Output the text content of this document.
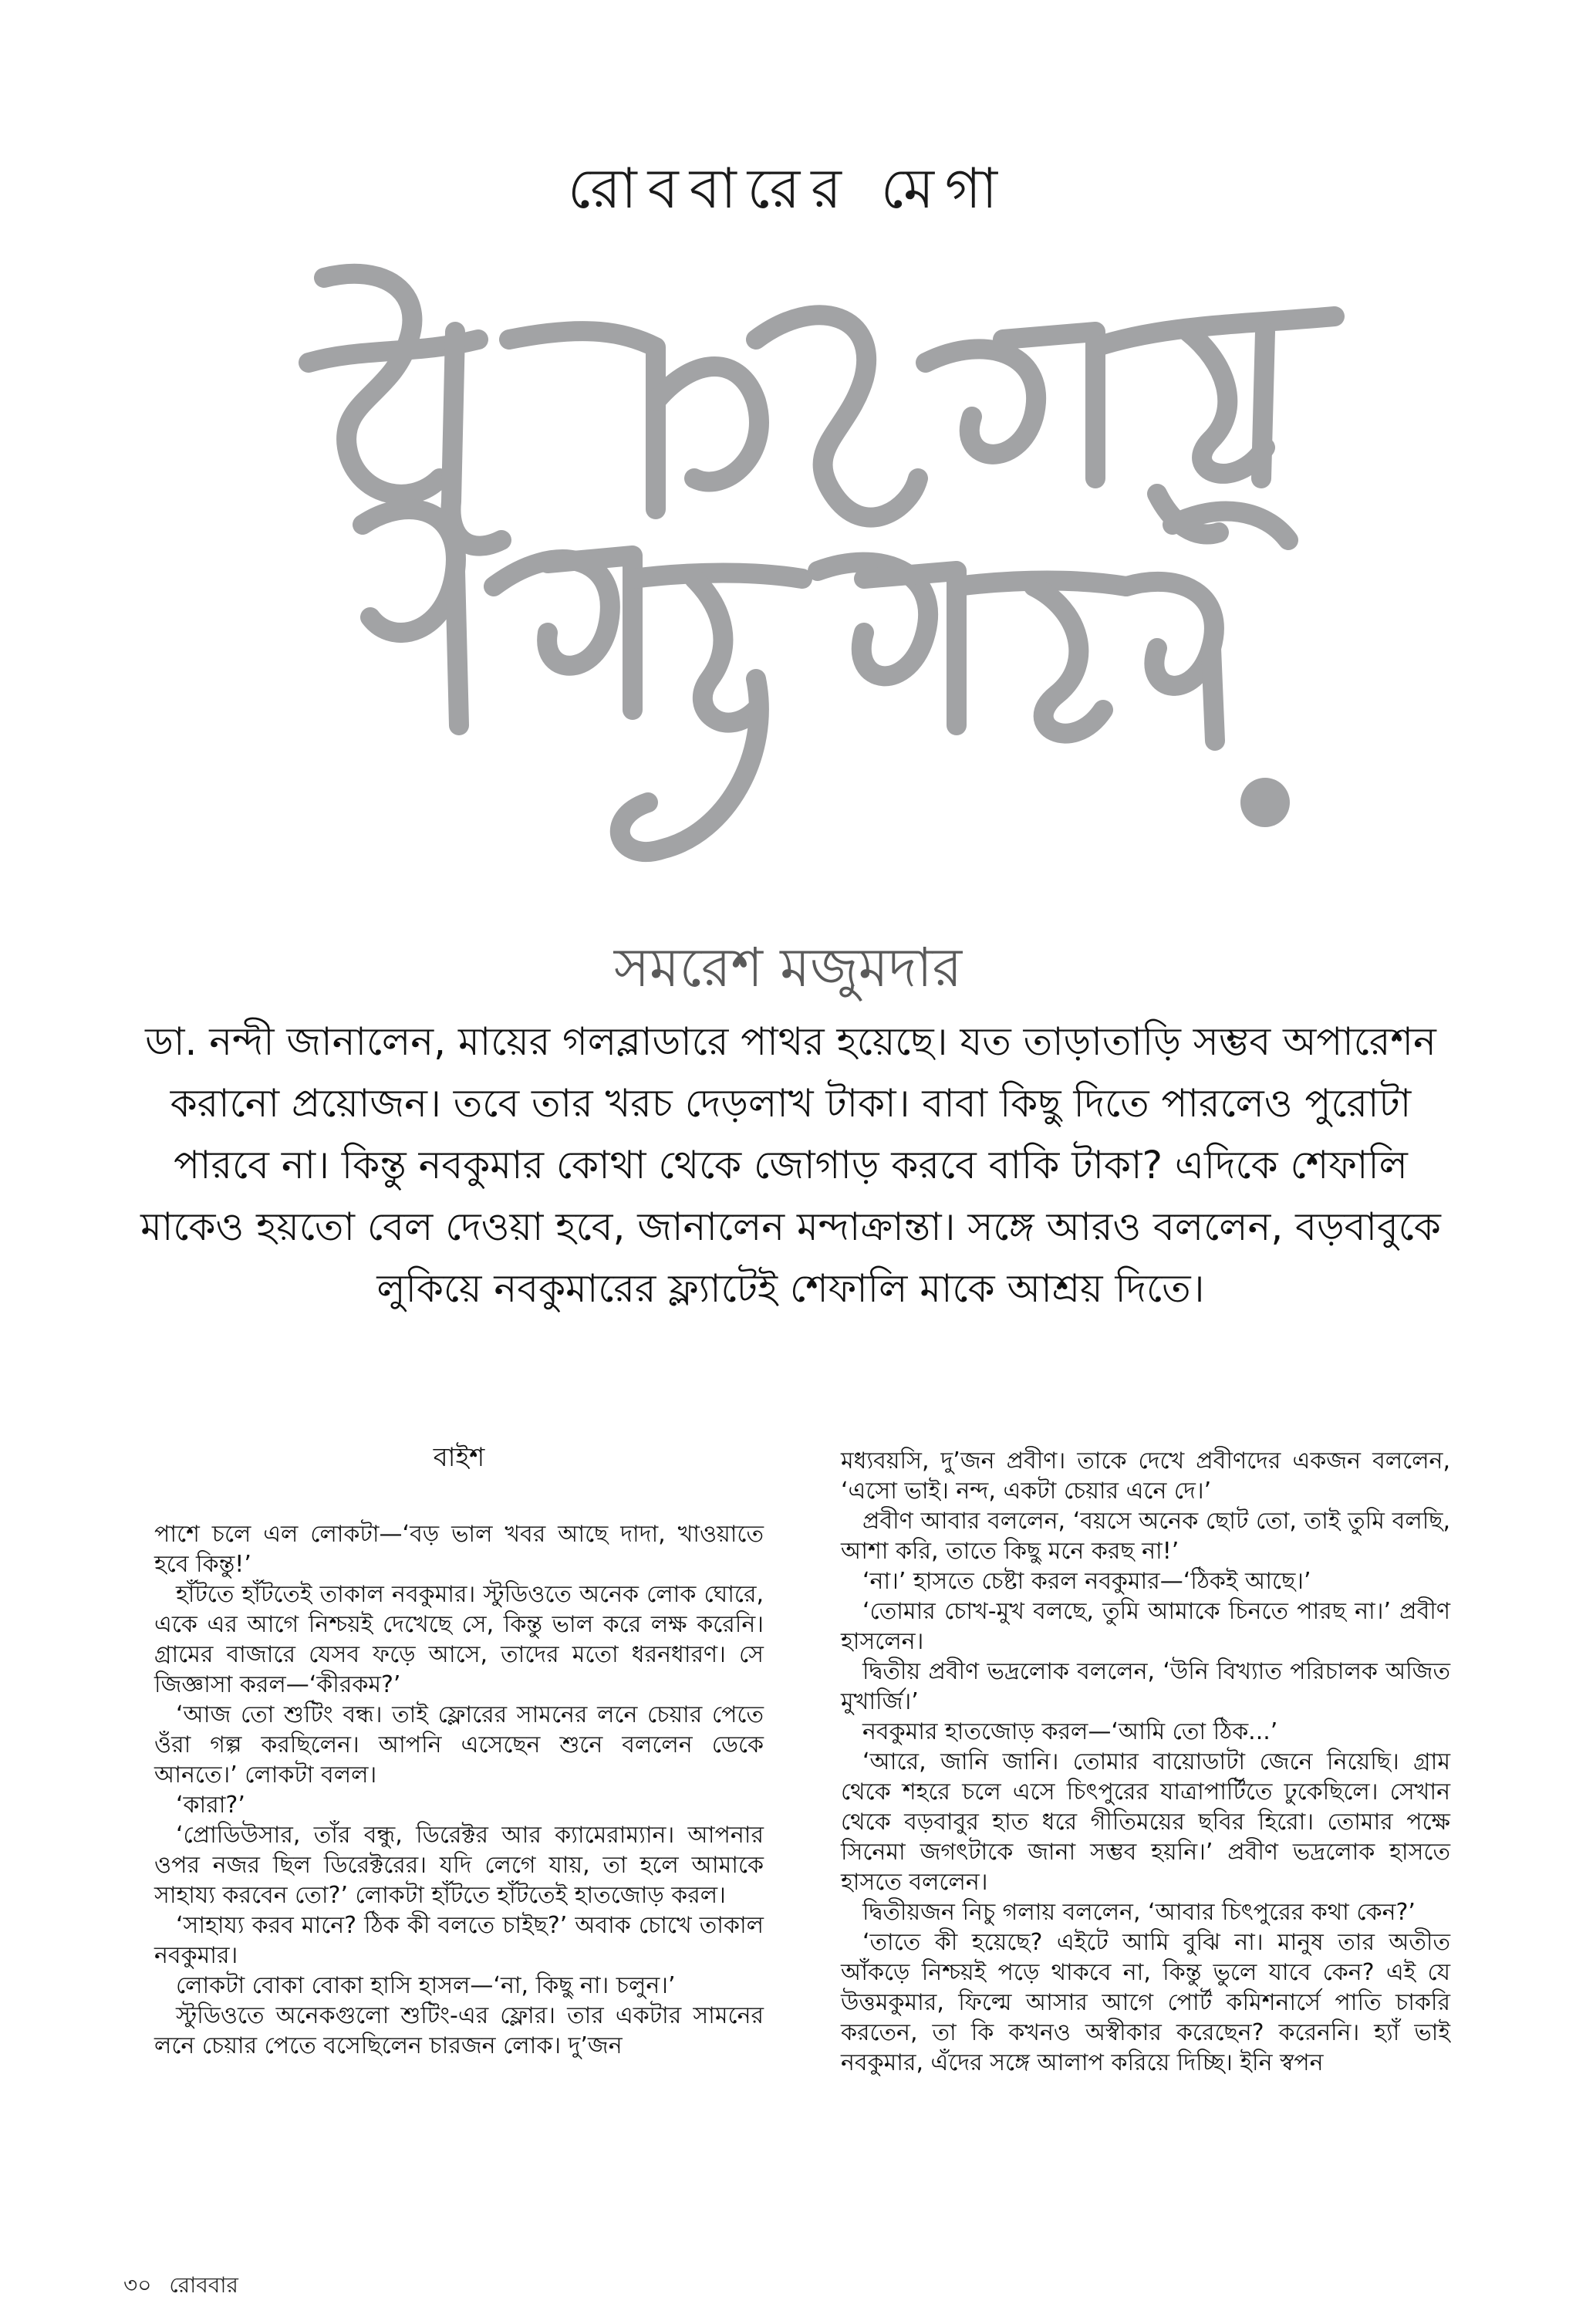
রোববারের মেগা
সমরেশ মজুমদার
ডা. নন্দী জানালেন, মায়ের গলব্লাডারে পাথর হয়েছে। যত তাড়াতাড়ি সম্ভব অপারেশন করানো প্রয়োজন। তবে তার খরচ দেড়লাখ টাকা। বাবা কিছু দিতে পারলেও পুরোটা পারবে না। কিন্তু নবকুমার কোথা থেকে জোগাড় করবে বাকি টাকা? এদিকে শেফালি মাকেও হয়তো বেল দেওয়া হবে, জানালেন মন্দাক্রান্তা। সঙ্গে আরও বললেন, বড়বাবুকে লুকিয়ে নবকুমারের ফ্ল্যাটেই শেফালি মাকে আশ্রয় দিতে।
বাইশ

পাশে চলে এল লোকটা—‘বড় ভাল খবর আছে দাদা, খাওয়াতে হবে কিন্তু!’

হাঁটতে হাঁটতেই তাকাল নবকুমার। স্টুডিওতে অনেক লোক ঘোরে, একে এর আগে নিশ্চয়ই দেখেছে সে, কিন্তু ভাল করে লক্ষ করেনি। গ্রামের বাজারে যেসব ফড়ে আসে, তাদের মতো ধরনধারণ। সে জিজ্ঞাসা করল—‘কীরকম?’

‘আজ তো শুটিং বন্ধ। তাই ফ্লোরের সামনের লনে চেয়ার পেতে ওঁরা গল্প করছিলেন। আপনি এসেছেন শুনে বললেন ডেকে আনতে।’ লোকটা বলল।

‘কারা?’

‘প্রোডিউসার, তাঁর বন্ধু, ডিরেক্টর আর ক্যামেরাম্যান। আপনার ওপর নজর ছিল ডিরেক্টরের। যদি লেগে যায়, তা হলে আমাকে সাহায্য করবেন তো?’ লোকটা হাঁটতে হাঁটতেই হাতজোড় করল।

‘সাহায্য করব মানে? ঠিক কী বলতে চাইছ?’ অবাক চোখে তাকাল নবকুমার।

লোকটা বোকা বোকা হাসি হাসল—‘না, কিছু না। চলুন।’

স্টুডিওতে অনেকগুলো শুটিং-এর ফ্লোর। তার একটার সামনের লনে চেয়ার পেতে বসেছিলেন চারজন লোক। দু’জন

মধ্যবয়সি, দু’জন প্রবীণ। তাকে দেখে প্রবীণদের একজন বললেন, ‘এসো ভাই। নন্দ, একটা চেয়ার এনে দে।’

প্রবীণ আবার বললেন, ‘বয়সে অনেক ছোট তো, তাই তুমি বলছি, আশা করি, তাতে কিছু মনে করছ না!’

‘না।’ হাসতে চেষ্টা করল নবকুমার—‘ঠিকই আছে।’

‘তোমার চোখ-মুখ বলছে, তুমি আমাকে চিনতে পারছ না।’ প্রবীণ হাসলেন।

দ্বিতীয় প্রবীণ ভদ্রলোক বললেন, ‘উনি বিখ্যাত পরিচালক অজিত মুখার্জি।’

নবকুমার হাতজোড় করল—‘আমি তো ঠিক...’

‘আরে, জানি জানি। তোমার বায়োডাটা জেনে নিয়েছি। গ্রাম থেকে শহরে চলে এসে চিৎপুরের যাত্রাপার্টিতে ঢুকেছিলে। সেখান থেকে বড়বাবুর হাত ধরে গীতিময়ের ছবির হিরো। তোমার পক্ষে সিনেমা জগৎটাকে জানা সম্ভব হয়নি।’ প্রবীণ ভদ্রলোক হাসতে হাসতে বললেন।

দ্বিতীয়জন নিচু গলায় বললেন, ‘আবার চিৎপুরের কথা কেন?’

‘তাতে কী হয়েছে? এইটে আমি বুঝি না। মানুষ তার অতীত আঁকড়ে নিশ্চয়ই পড়ে থাকবে না, কিন্তু ভুলে যাবে কেন? এই যে উত্তমকুমার, ফিল্মে আসার আগে পোর্ট কমিশনার্সে পাতি চাকরি করতেন, তা কি কখনও অস্বীকার করেছেন? করেননি। হ্যাঁ ভাই নবকুমার, এঁদের সঙ্গে আলাপ করিয়ে দিচ্ছি। ইনি স্বপন

৩০ রোববার
